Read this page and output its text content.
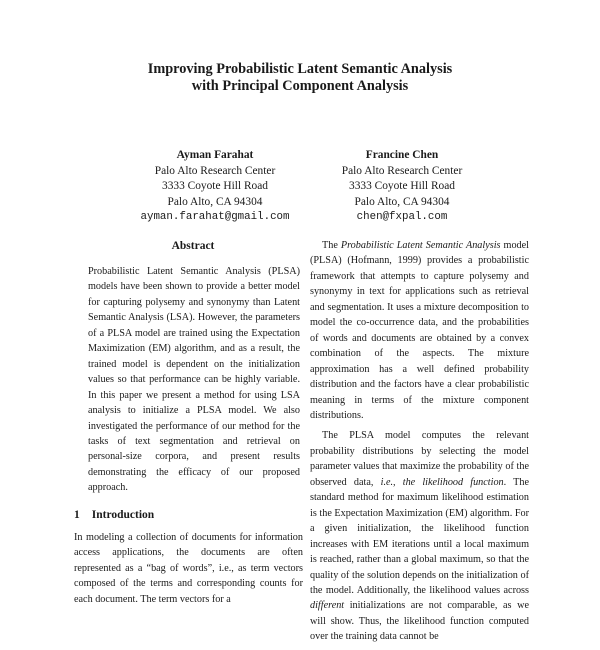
Improving Probabilistic Latent Semantic Analysis
with Principal Component Analysis
Ayman Farahat
Palo Alto Research Center
3333 Coyote Hill Road
Palo Alto, CA 94304
ayman.farahat@gmail.com
Francine Chen
Palo Alto Research Center
3333 Coyote Hill Road
Palo Alto, CA 94304
chen@fxpal.com
Abstract

Probabilistic Latent Semantic Analysis (PLSA) models have been shown to provide a better model for capturing polysemy and synonymy than Latent Semantic Analysis (LSA). However, the parameters of a PLSA model are trained using the Expectation Maximization (EM) algorithm, and as a result, the trained model is dependent on the initialization values so that performance can be highly variable. In this paper we present a method for using LSA analysis to initialize a PLSA model. We also investigated the performance of our method for the tasks of text segmentation and retrieval on personal-size corpora, and present results demonstrating the efficacy of our proposed approach.

1 Introduction

In modeling a collection of documents for information access applications, the documents are often represented as a “bag of words”, i.e., as term vectors composed of the terms and corresponding counts for each document. The term vectors for a

The Probabilistic Latent Semantic Analysis model (PLSA) (Hofmann, 1999) provides a probabilistic framework that attempts to capture polysemy and synonymy in text for applications such as retrieval and segmentation. It uses a mixture decomposition to model the co-occurrence data, and the probabilities of words and documents are obtained by a convex combination of the aspects. The mixture approximation has a well defined probability distribution and the factors have a clear probabilistic meaning in terms of the mixture component distributions.

The PLSA model computes the relevant probability distributions by selecting the model parameter values that maximize the probability of the observed data, i.e., the likelihood function. The standard method for maximum likelihood estimation is the Expectation Maximization (EM) algorithm. For a given initialization, the likelihood function increases with EM iterations until a local maximum is reached, rather than a global maximum, so that the quality of the solution depends on the initialization of the model. Additionally, the likelihood values across different initializations are not comparable, as we will show. Thus, the likelihood function computed over the training data cannot be
